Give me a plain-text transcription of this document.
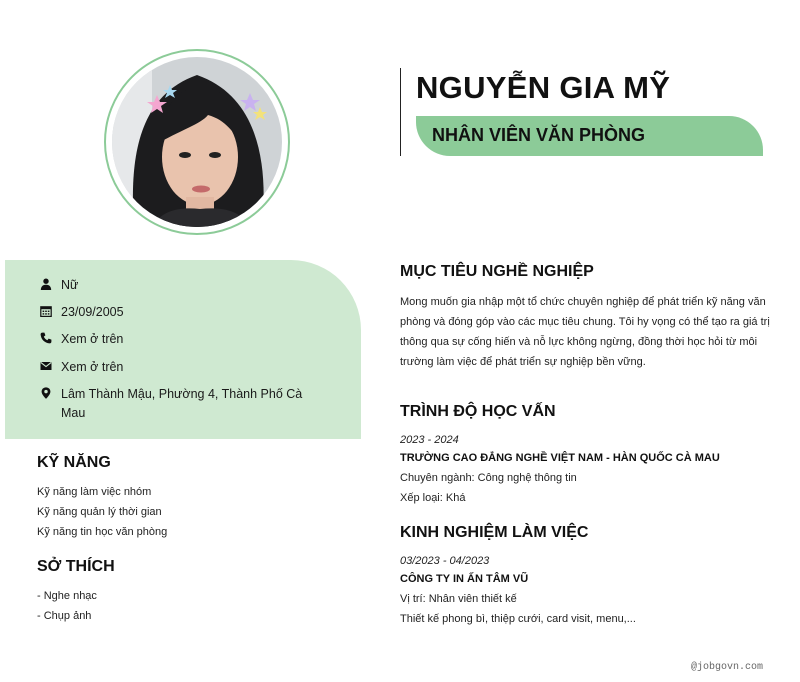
NGUYỄN GIA MỸ
NHÂN VIÊN VĂN PHÒNG
Nữ
23/09/2005
Xem ở trên
Xem ở trên
Lâm Thành Mậu, Phường 4, Thành Phố Cà Mau
KỸ NĂNG
Kỹ năng làm việc nhóm
Kỹ năng quản lý thời gian
Kỹ năng tin học văn phòng
SỞ THÍCH
- Nghe nhạc
- Chụp ảnh
MỤC TIÊU NGHỀ NGHIỆP
Mong muốn gia nhập một tổ chức chuyên nghiệp để phát triển kỹ năng văn phòng và đóng góp vào các mục tiêu chung. Tôi hy vọng có thể tạo ra giá trị thông qua sự cống hiến và nỗ lực không ngừng, đồng thời học hỏi từ môi trường làm việc để phát triển sự nghiệp bền vững.
TRÌNH ĐỘ HỌC VẤN
2023 - 2024
TRƯỜNG CAO ĐẲNG NGHỀ VIỆT NAM - HÀN QUỐC CÀ MAU
Chuyên ngành: Công nghệ thông tin
Xếp loại: Khá
KINH NGHIỆM LÀM VIỆC
03/2023 - 04/2023
CÔNG TY IN ẤN TÂM VŨ
Vị trí: Nhân viên thiết kế
Thiết kế phong bì, thiệp cưới, card visit, menu,...
@jobgovn.com
